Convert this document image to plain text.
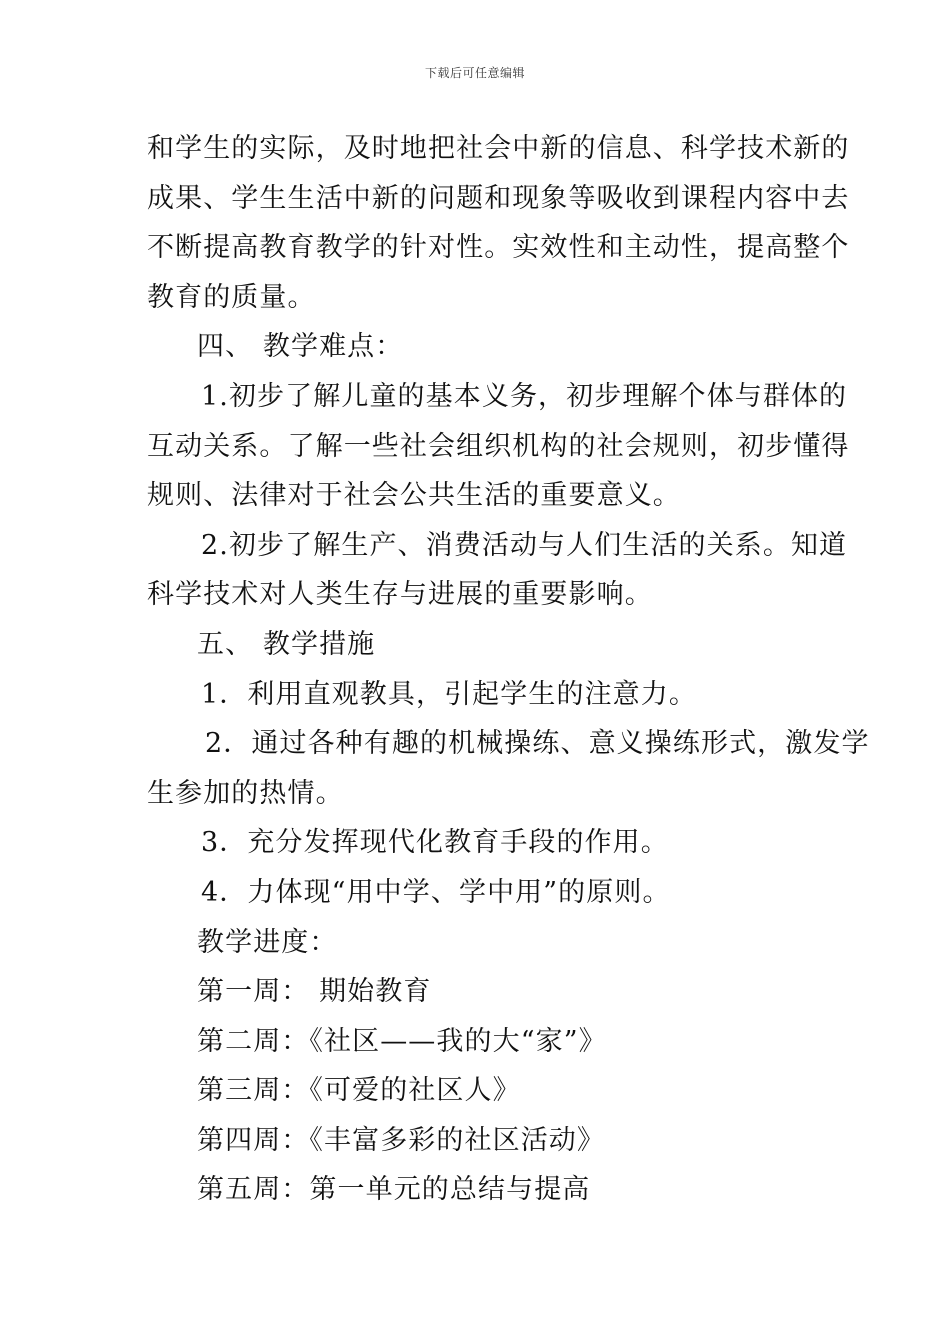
下载后可任意编辑
和学生的实际，及时地把社会中新的信息、科学技术新的
成果、学生生活中新的问题和现象等吸收到课程内容中去
不断提高教育教学的针对性。实效性和主动性，提高整个
教育的质量。
四、 教学难点：
1.初步了解儿童的基本义务，初步理解个体与群体的
互动关系。了解一些社会组织机构的社会规则，初步懂得
规则、法律对于社会公共生活的重要意义。
2.初步了解生产、消费活动与人们生活的关系。知道
科学技术对人类生存与进展的重要影响。
五、 教学措施
1．利用直观教具，引起学生的注意力。
2．通过各种有趣的机械操练、意义操练形式，激发学
生参加的热情。
3．充分发挥现代化教育手段的作用。
4．力体现“用中学、学中用”的原则。
教学进度：
第一周： 期始教育
第二周：《社区——我的大“家”》
第三周：《可爱的社区人》
第四周：《丰富多彩的社区活动》
第五周：第一单元的总结与提高
